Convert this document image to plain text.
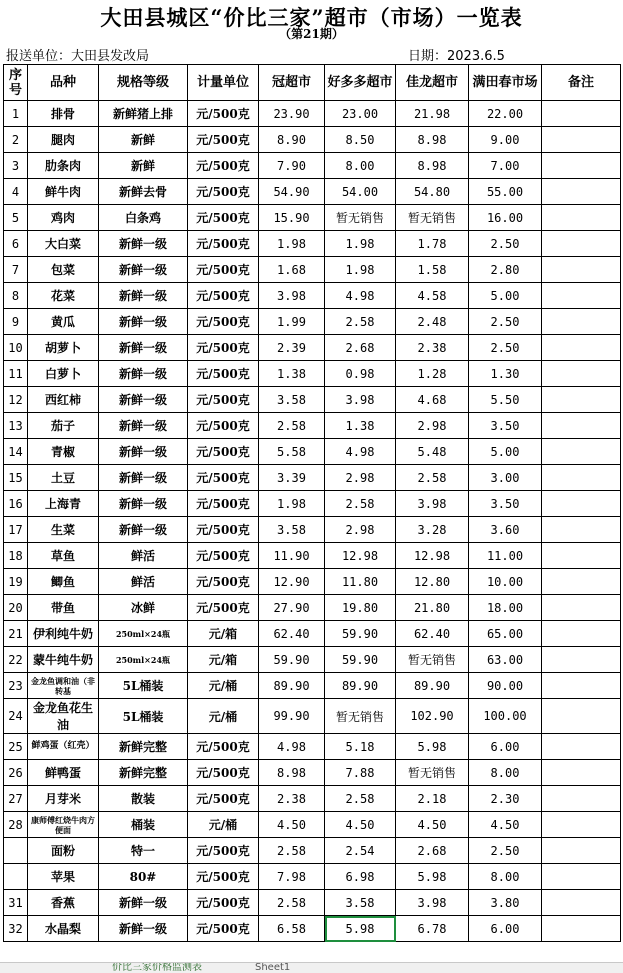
大田县城区“价比三家”超市（市场）一览表
（第21期）
报送单位：大田县发改局	日期：2023.6.5
序号	品种	规格等级	计量单位	冠超市	好多多超市	佳龙超市	满田春市场	备注
1	排骨	新鲜猪上排	元/500克	23.90	23.00	21.98	22.00	
2	腿肉	新鲜	元/500克	8.90	8.50	8.98	9.00	
3	肋条肉	新鲜	元/500克	7.90	8.00	8.98	7.00	
4	鲜牛肉	新鲜去骨	元/500克	54.90	54.00	54.80	55.00	
5	鸡肉	白条鸡	元/500克	15.90	暂无销售	暂无销售	16.00	
6	大白菜	新鲜一级	元/500克	1.98	1.98	1.78	2.50	
7	包菜	新鲜一级	元/500克	1.68	1.98	1.58	2.80	
8	花菜	新鲜一级	元/500克	3.98	4.98	4.58	5.00	
9	黄瓜	新鲜一级	元/500克	1.99	2.58	2.48	2.50	
10	胡萝卜	新鲜一级	元/500克	2.39	2.68	2.38	2.50	
11	白萝卜	新鲜一级	元/500克	1.38	0.98	1.28	1.30	
12	西红柿	新鲜一级	元/500克	3.58	3.98	4.68	5.50	
13	茄子	新鲜一级	元/500克	2.58	1.38	2.98	3.50	
14	青椒	新鲜一级	元/500克	5.58	4.98	5.48	5.00	
15	土豆	新鲜一级	元/500克	3.39	2.98	2.58	3.00	
16	上海青	新鲜一级	元/500克	1.98	2.58	3.98	3.50	
17	生菜	新鲜一级	元/500克	3.58	2.98	3.28	3.60	
18	草鱼	鲜活	元/500克	11.90	12.98	12.98	11.00	
19	鲫鱼	鲜活	元/500克	12.90	11.80	12.80	10.00	
20	带鱼	冰鲜	元/500克	27.90	19.80	21.80	18.00	
21	伊利纯牛奶	250ml×24瓶	元/箱	62.40	59.90	62.40	65.00	
22	蒙牛纯牛奶	250ml×24瓶	元/箱	59.90	59.90	暂无销售	63.00	
23	金龙鱼调和油（非转基	5L桶装	元/桶	89.90	89.90	89.90	90.00	
24	金龙鱼花生油	5L桶装	元/桶	99.90	暂无销售	102.90	100.00	
25	鲜鸡蛋（红壳）	新鲜完整	元/500克	4.98	5.18	5.98	6.00	
26	鲜鸭蛋	新鲜完整	元/500克	8.98	7.88	暂无销售	8.00	
27	月芽米	散装	元/500克	2.38	2.58	2.18	2.30	
28	康师傅红烧牛肉方便面	桶装	元/桶	4.50	4.50	4.50	4.50	
	面粉	特一	元/500克	2.58	2.54	2.68	2.50	
	苹果	80#	元/500克	7.98	6.98	5.98	8.00	
31	香蕉	新鲜一级	元/500克	2.58	3.58	3.98	3.80	
32	水晶梨	新鲜一级	元/500克	6.58	5.98	6.78	6.00	
价比三家价格监测表	Sheet1
